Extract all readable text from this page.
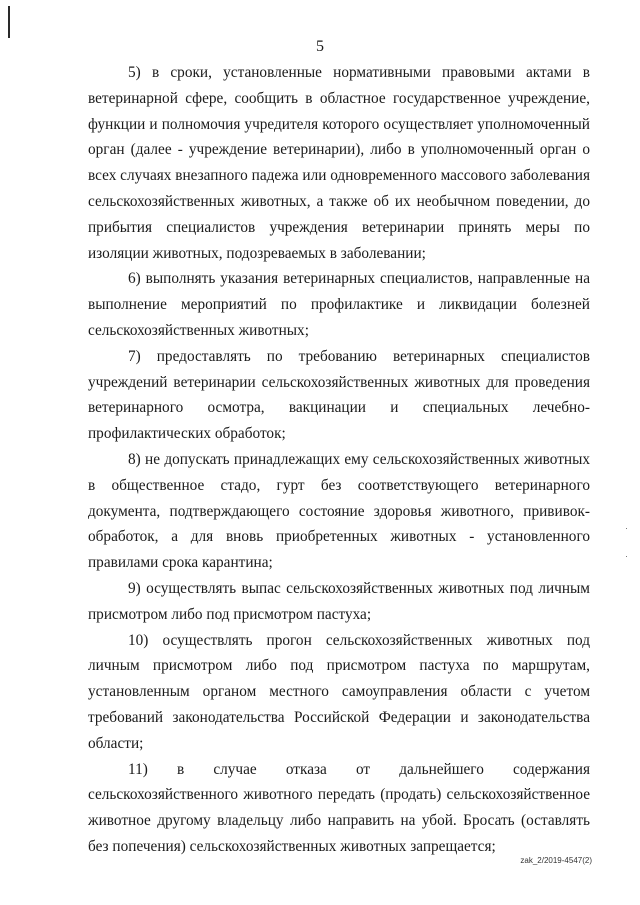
5

5) в сроки, установленные нормативными правовыми актами в ветеринарной сфере, сообщить в областное государственное учреждение, функции и полномочия учредителя которого осуществляет уполномоченный орган (далее - учреждение ветеринарии), либо в уполномоченный орган о всех случаях внезапного падежа или одновременного массового заболевания сельскохозяйственных животных, а также об их необычном поведении, до прибытия специалистов учреждения ветеринарии принять меры по изоляции животных, подозреваемых в заболевании;

6) выполнять указания ветеринарных специалистов, направленные на выполнение мероприятий по профилактике и ликвидации болезней сельскохозяйственных животных;

7) предоставлять по требованию ветеринарных специалистов учреждений ветеринарии сельскохозяйственных животных для проведения ветеринарного осмотра, вакцинации и специальных лечебно-профилактических обработок;

8) не допускать принадлежащих ему сельскохозяйственных животных в общественное стадо, гурт без соответствующего ветеринарного документа, подтверждающего состояние здоровья животного, прививок-обработок, а для вновь приобретенных животных - установленного правилами срока карантина;

9) осуществлять выпас сельскохозяйственных животных под личным присмотром либо под присмотром пастуха;

10) осуществлять прогон сельскохозяйственных животных под личным присмотром либо под присмотром пастуха по маршрутам, установленным органом местного самоуправления области с учетом требований законодательства Российской Федерации и законодательства области;

11) в случае отказа от дальнейшего содержания сельскохозяйственного животного передать (продать) сельскохозяйственное животное другому владельцу либо направить на убой. Бросать (оставлять без попечения) сельскохозяйственных животных запрещается;

zak_2/2019-4547(2)
